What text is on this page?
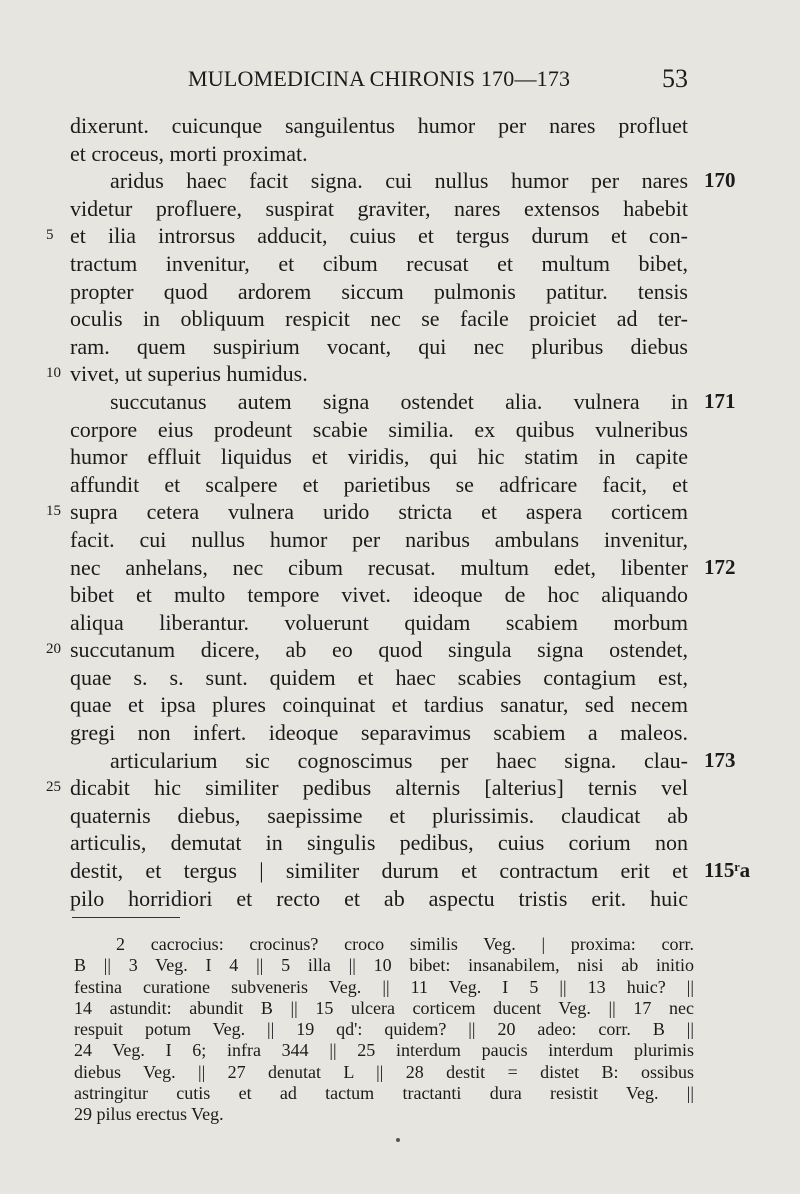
MULOMEDICINA CHIRONIS 170—173	53
dixerunt. cuicunque sanguilentus humor per nares profluet
et croceus, morti proximat.
aridus haec facit signa. cui nullus humor per nares 170
videtur profluere, suspirat graviter, nares extensos habebit
5 et ilia introrsus adducit, cuius et tergus durum et con-
tractum invenitur, et cibum recusat et multum bibet,
propter quod ardorem siccum pulmonis patitur. tensis
oculis in obliquum respicit nec se facile proiciet ad ter-
ram. quem suspirium vocant, qui nec pluribus diebus
10 vivet, ut superius humidus.
succutanus autem signa ostendet alia. vulnera in 171
corpore eius prodeunt scabie similia. ex quibus vulneribus
humor effluit liquidus et viridis, qui hic statim in capite
affundit et scalpere et parietibus se adfricare facit, et
15 supra cetera vulnera urido stricta et aspera corticem
facit. cui nullus humor per naribus ambulans invenitur,
nec anhelans, nec cibum recusat. multum edet, libenter 172
bibet et multo tempore vivet. ideoque de hoc aliquando
aliqua liberantur. voluerunt quidam scabiem morbum
20 succutanum dicere, ab eo quod singula signa ostendet,
quae s. s. sunt. quidem et haec scabies contagium est,
quae et ipsa plures coinquinat et tardius sanatur, sed necem
gregi non infert. ideoque separavimus scabiem a maleos.
articularium sic cognoscimus per haec signa. clau- 173
25 dicabit hic similiter pedibus alternis [alterius] ternis vel
quaternis diebus, saepissime et plurissimis. claudicat ab
articulis, demutat in singulis pedibus, cuius corium non
destit, et tergus | similiter durum et contractum erit et 115ʳa
pilo horridiori et recto et ab aspectu tristis erit. huic
2 cacrocius: crocinus? croco similis Veg. | proxima: corr.
B || 3 Veg. I 4 || 5 illa || 10 bibet: insanabilem, nisi ab initio
festina curatione subveneris Veg. || 11 Veg. I 5 || 13 huic? ||
14 astundit: abundit B || 15 ulcera corticem ducent Veg. || 17 nec
respuit potum Veg. || 19 qd': quidem? || 20 adeo: corr. B ||
24 Veg. I 6; infra 344 || 25 interdum paucis interdum plurimis
diebus Veg. || 27 denutat L || 28 destit = distet B: ossibus
astringitur cutis et ad tactum tractanti dura resistit Veg. ||
29 pilus erectus Veg.
